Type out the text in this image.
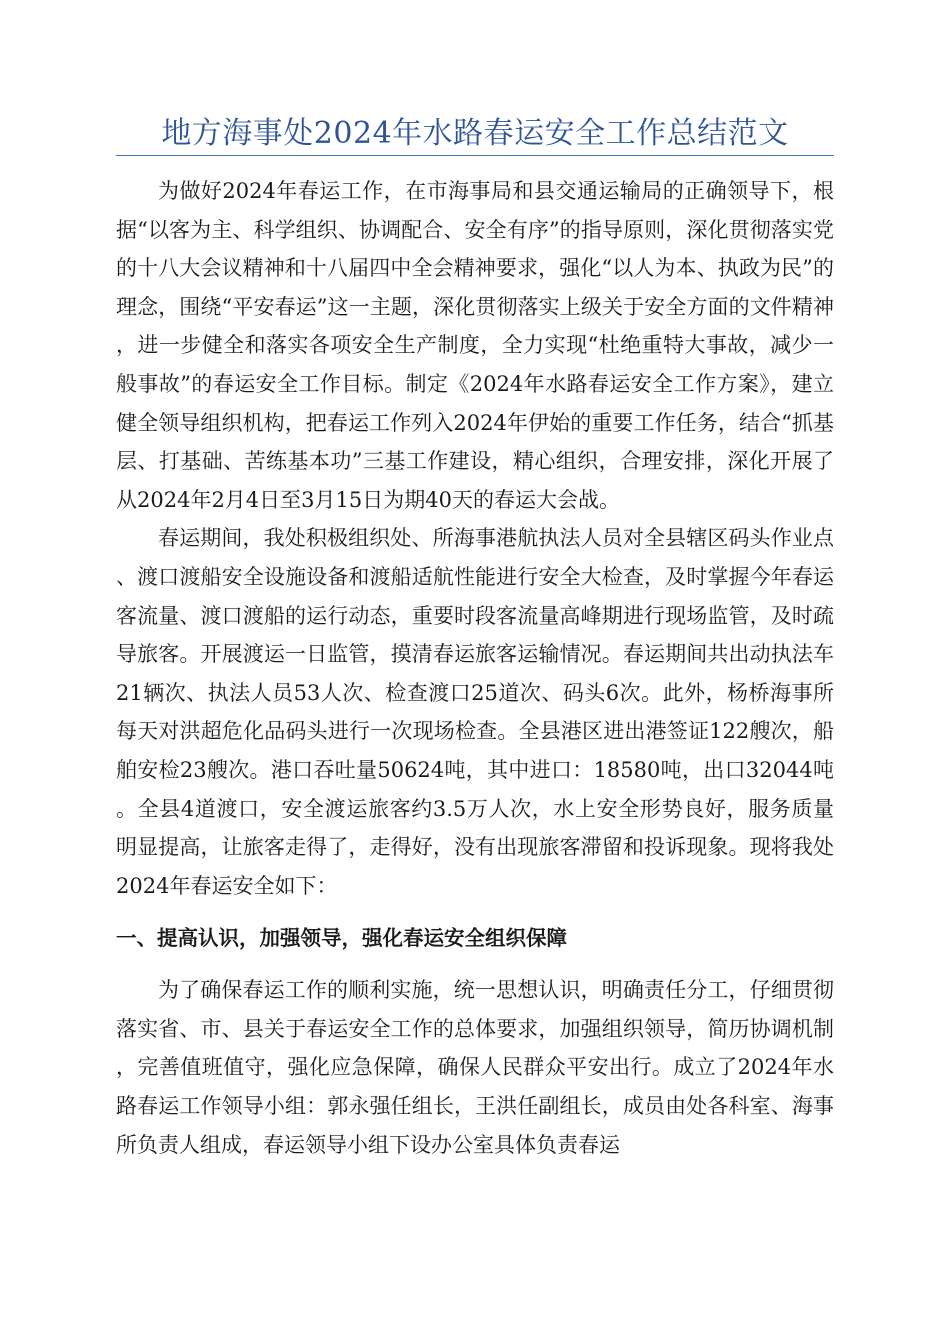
地方海事处2024年水路春运安全工作总结范文

为做好2024年春运工作，在市海事局和县交通运输局的正确领导下，根据“以客为主、科学组织、协调配合、安全有序”的指导原则，深化贯彻落实党的十八大会议精神和十八届四中全会精神要求，强化“以人为本、执政为民”的理念，围绕“平安春运”这一主题，深化贯彻落实上级关于安全方面的文件精神，进一步健全和落实各项安全生产制度，全力实现“杜绝重特大事故，减少一般事故”的春运安全工作目标。制定《2024年水路春运安全工作方案》，建立健全领导组织机构，把春运工作列入2024年伊始的重要工作任务，结合“抓基层、打基础、苦练基本功”三基工作建设，精心组织，合理安排，深化开展了从2024年2月4日至3月15日为期40天的春运大会战。

春运期间，我处积极组织处、所海事港航执法人员对全县辖区码头作业点、渡口渡船安全设施设备和渡船适航性能进行安全大检查，及时掌握今年春运客流量、渡口渡船的运行动态，重要时段客流量高峰期进行现场监管，及时疏导旅客。开展渡运一日监管，摸清春运旅客运输情况。春运期间共出动执法车21辆次、执法人员53人次、检查渡口25道次、码头6次。此外，杨桥海事所每天对洪超危化品码头进行一次现场检查。全县港区进出港签证122艘次，船舶安检23艘次。港口吞吐量50624吨，其中进口：18580吨，出口32044吨。全县4道渡口，安全渡运旅客约3.5万人次，水上安全形势良好，服务质量明显提高，让旅客走得了，走得好，没有出现旅客滞留和投诉现象。现将我处2024年春运安全如下：

一、提高认识，加强领导，强化春运安全组织保障

为了确保春运工作的顺利实施，统一思想认识，明确责任分工，仔细贯彻落实省、市、县关于春运安全工作的总体要求，加强组织领导，简历协调机制，完善值班值守，强化应急保障，确保人民群众平安出行。成立了2024年水路春运工作领导小组：郭永强任组长，王洪任副组长，成员由处各科室、海事所负责人组成，春运领导小组下设办公室具体负责春运
